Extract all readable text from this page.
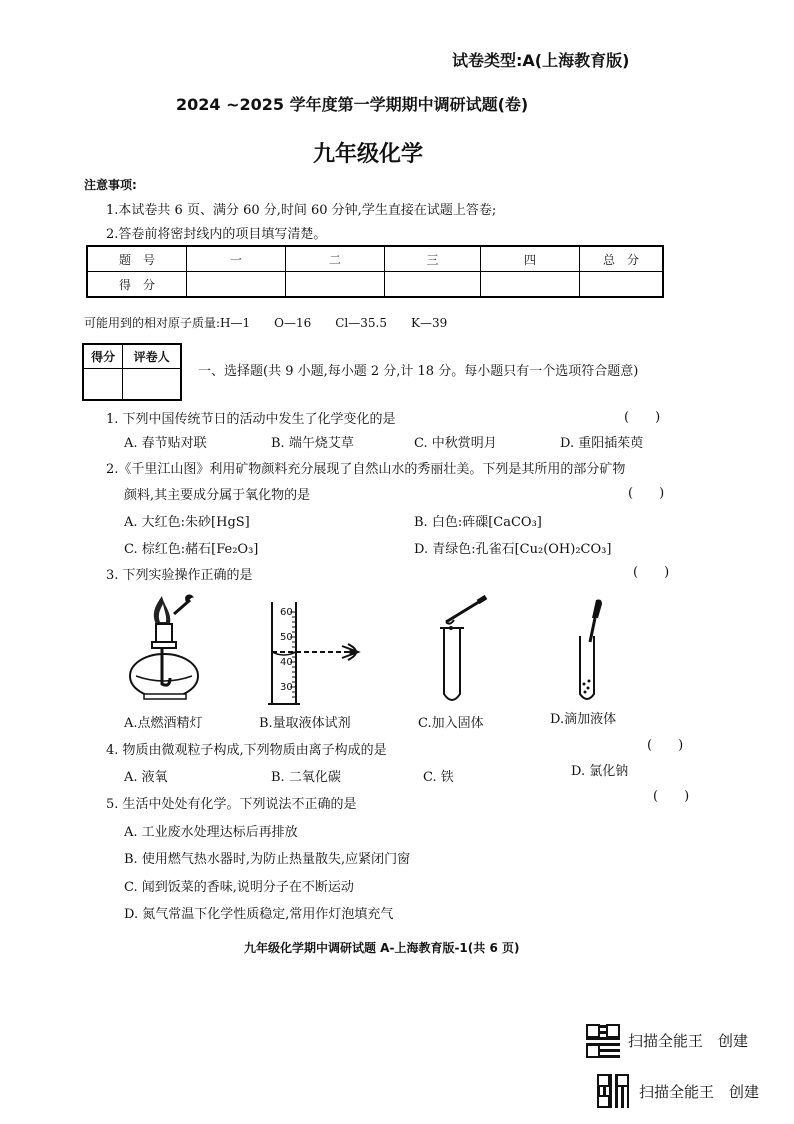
试卷类型:A(上海教育版)
2024 ~2025 学年度第一学期期中调研试题(卷)
九年级化学
注意事项:
1.本试卷共 6 页、满分 60 分,时间 60 分钟,学生直接在试题上答卷;
2.答卷前将密封线内的项目填写清楚。
题　号	一	二	三	四	总　分
得　分					
可能用到的相对原子质量:H—1　　O—16　　Cl—35.5　　K—39
得分	评卷人

一、选择题(共 9 小题,每小题 2 分,计 18 分。每小题只有一个选项符合题意)
1. 下列中国传统节日的活动中发生了化学变化的是	(　　)
A. 春节贴对联	B. 端午烧艾草	C. 中秋赏明月	D. 重阳插茱萸
2.《千里江山图》利用矿物颜料充分展现了自然山水的秀丽壮美。下列是其所用的部分矿物
颜料,其主要成分属于氧化物的是	(　　)
A. 大红色:朱砂[HgS]	B. 白色:砗磲[CaCO₃]
C. 棕红色:赭石[Fe₂O₃]	D. 青绿色:孔雀石[Cu₂(OH)₂CO₃]
3. 下列实验操作正确的是	(　　)
A.点燃酒精灯
60
50
40
30
B.量取液体试剂	C.加入固体	D.滴加液体
4. 物质由微观粒子构成,下列物质由离子构成的是	(　　)
A. 液氧	B. 二氧化碳	C. 铁	D. 氯化钠
5. 生活中处处有化学。下列说法不正确的是
(　　)
A. 工业废水处理达标后再排放
B. 使用燃气热水器时,为防止热量散失,应紧闭门窗
C. 闻到饭菜的香味,说明分子在不断运动
D. 氮气常温下化学性质稳定,常用作灯泡填充气
九年级化学期中调研试题 A-上海教育版-1(共 6 页)
扫描全能王　创建
扫描全能王　创建
